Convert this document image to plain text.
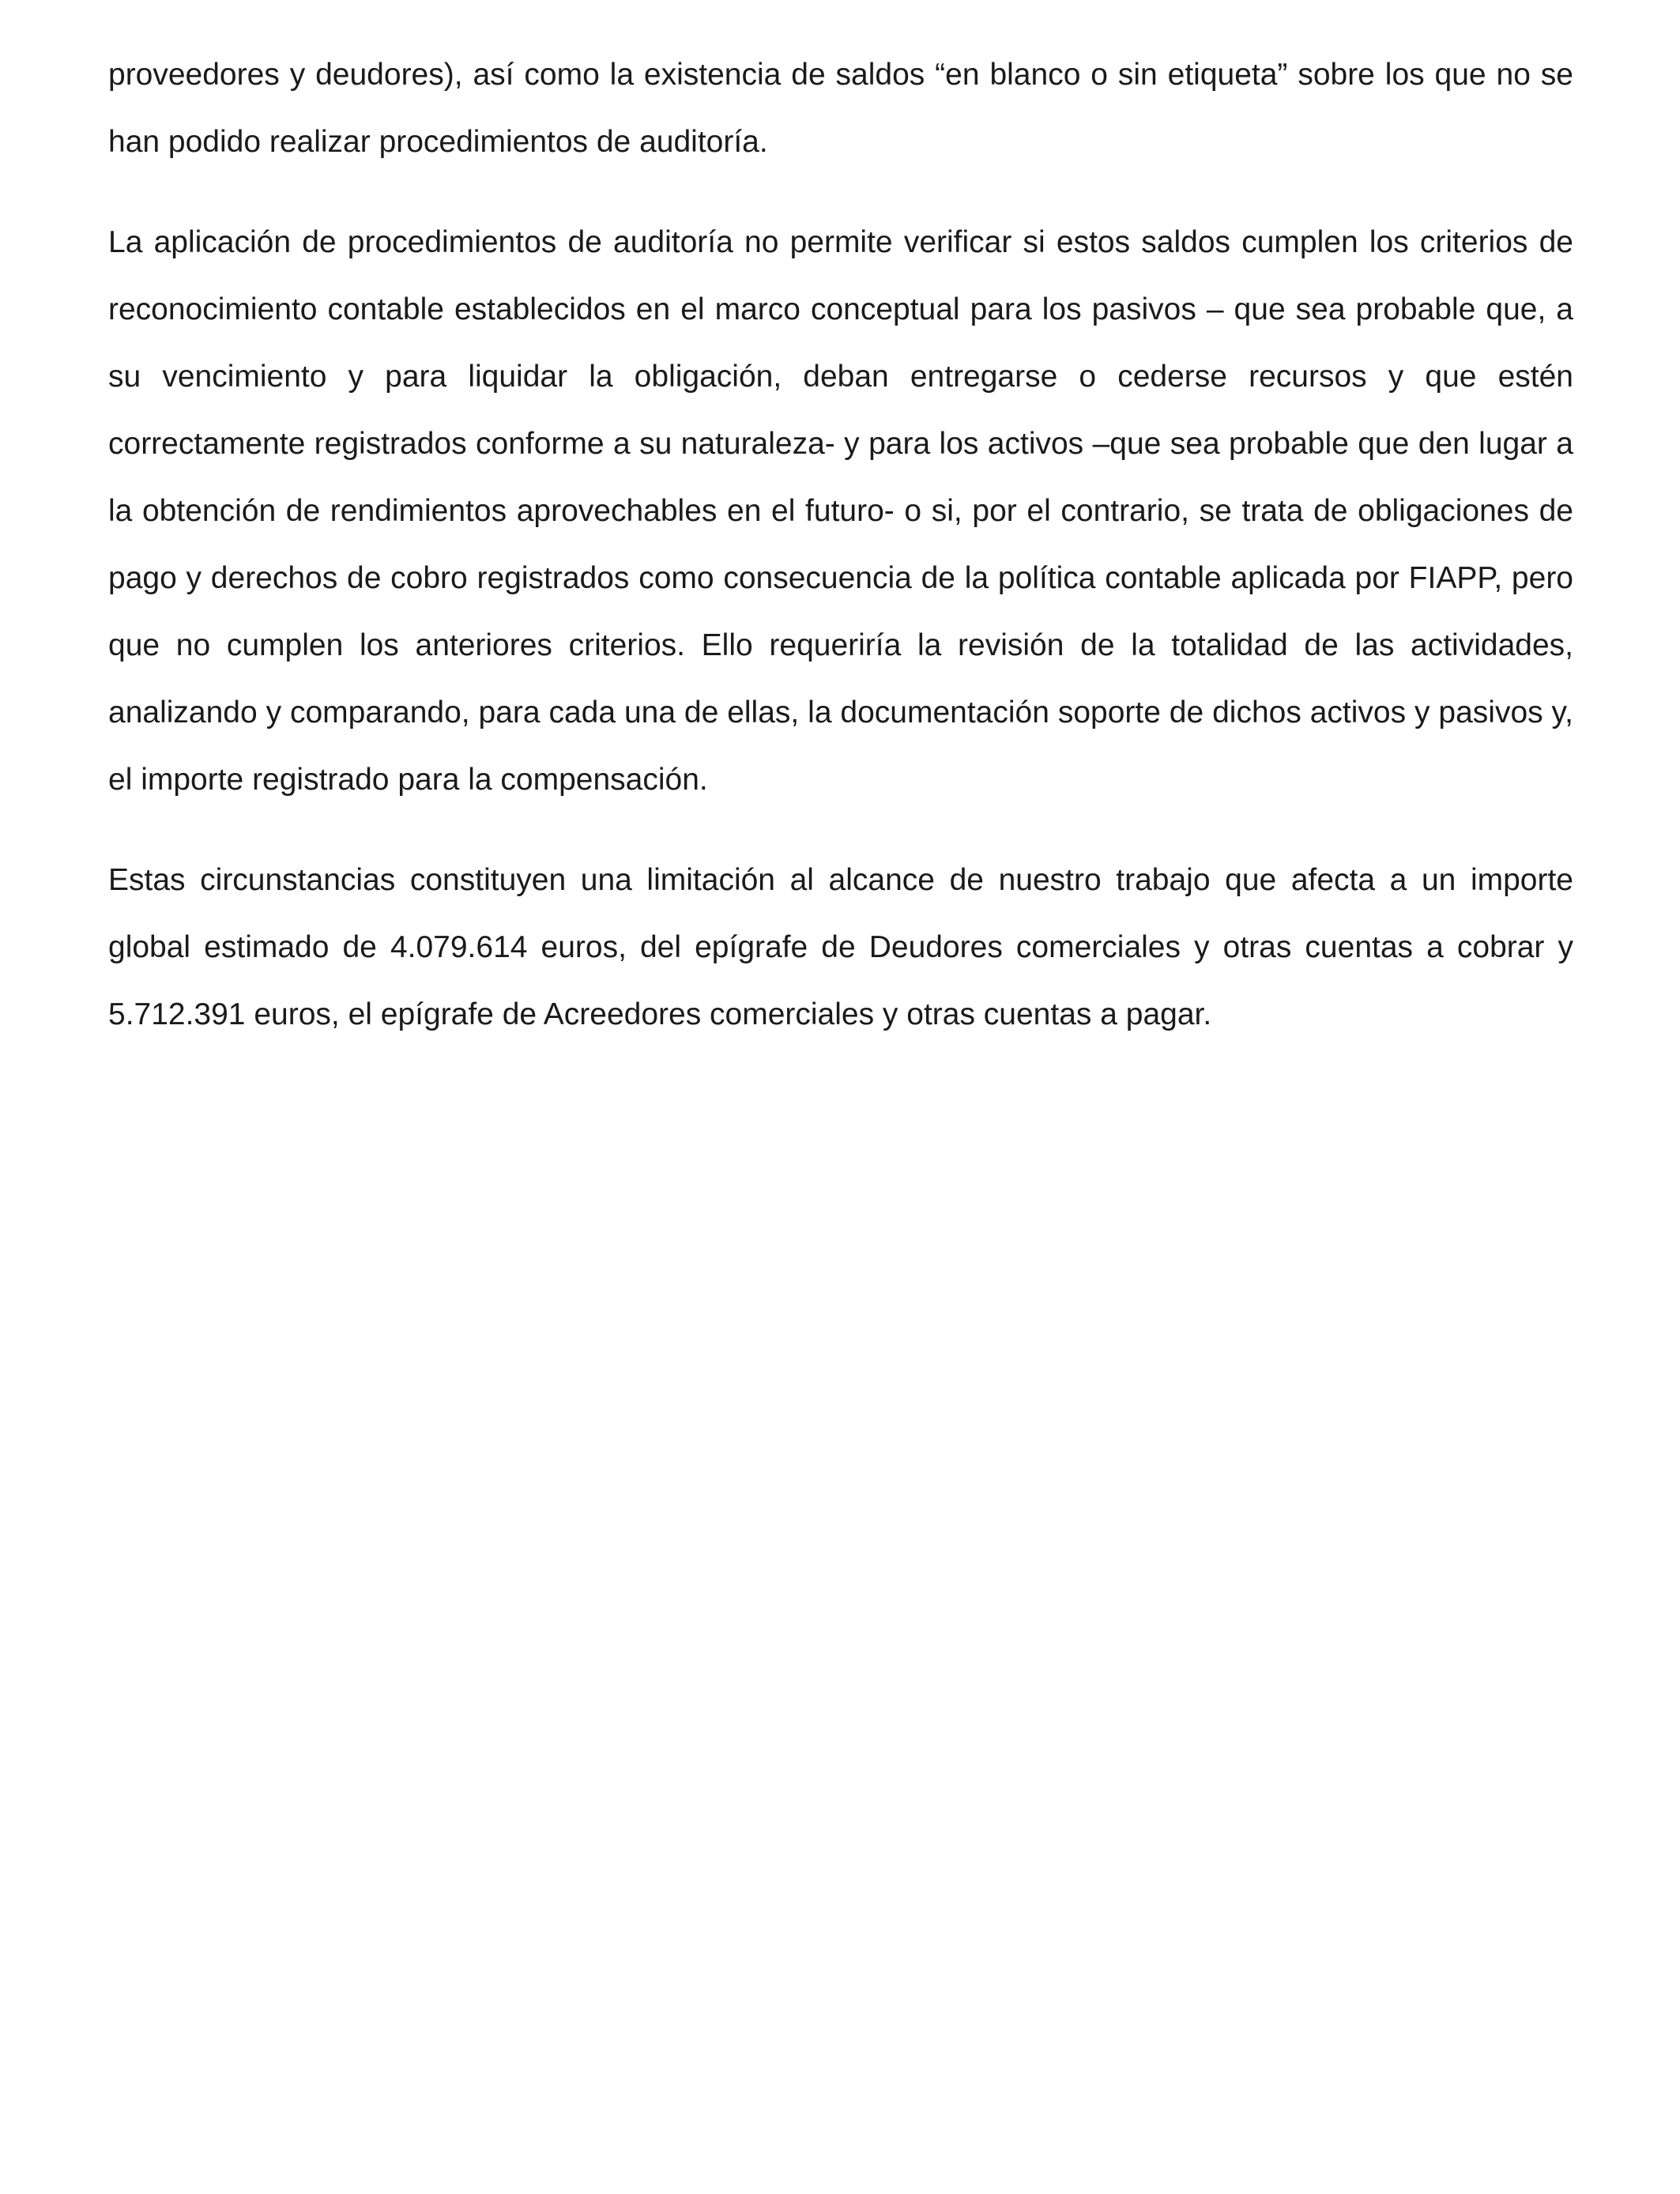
proveedores y deudores), así como la existencia de saldos “en blanco o sin etiqueta” sobre los que no se han podido realizar procedimientos de auditoría.

La aplicación de procedimientos de auditoría no permite verificar si estos saldos cumplen los criterios de reconocimiento contable establecidos en el marco conceptual para los pasivos – que sea probable que, a su vencimiento y para liquidar la obligación, deban entregarse o cederse recursos y que estén correctamente registrados conforme a su naturaleza- y para los activos –que sea probable que den lugar a la obtención de rendimientos aprovechables en el futuro- o si, por el contrario, se trata de obligaciones de pago y derechos de cobro registrados como consecuencia de la política contable aplicada por FIAPP, pero que no cumplen los anteriores criterios. Ello requeriría la revisión de la totalidad de las actividades, analizando y comparando, para cada una de ellas, la documentación soporte de dichos activos y pasivos y, el importe registrado para la compensación.

Estas circunstancias constituyen una limitación al alcance de nuestro trabajo que afecta a un importe global estimado de 4.079.614 euros, del epígrafe de Deudores comerciales y otras cuentas a cobrar y 5.712.391 euros, el epígrafe de Acreedores comerciales y otras cuentas a pagar.
